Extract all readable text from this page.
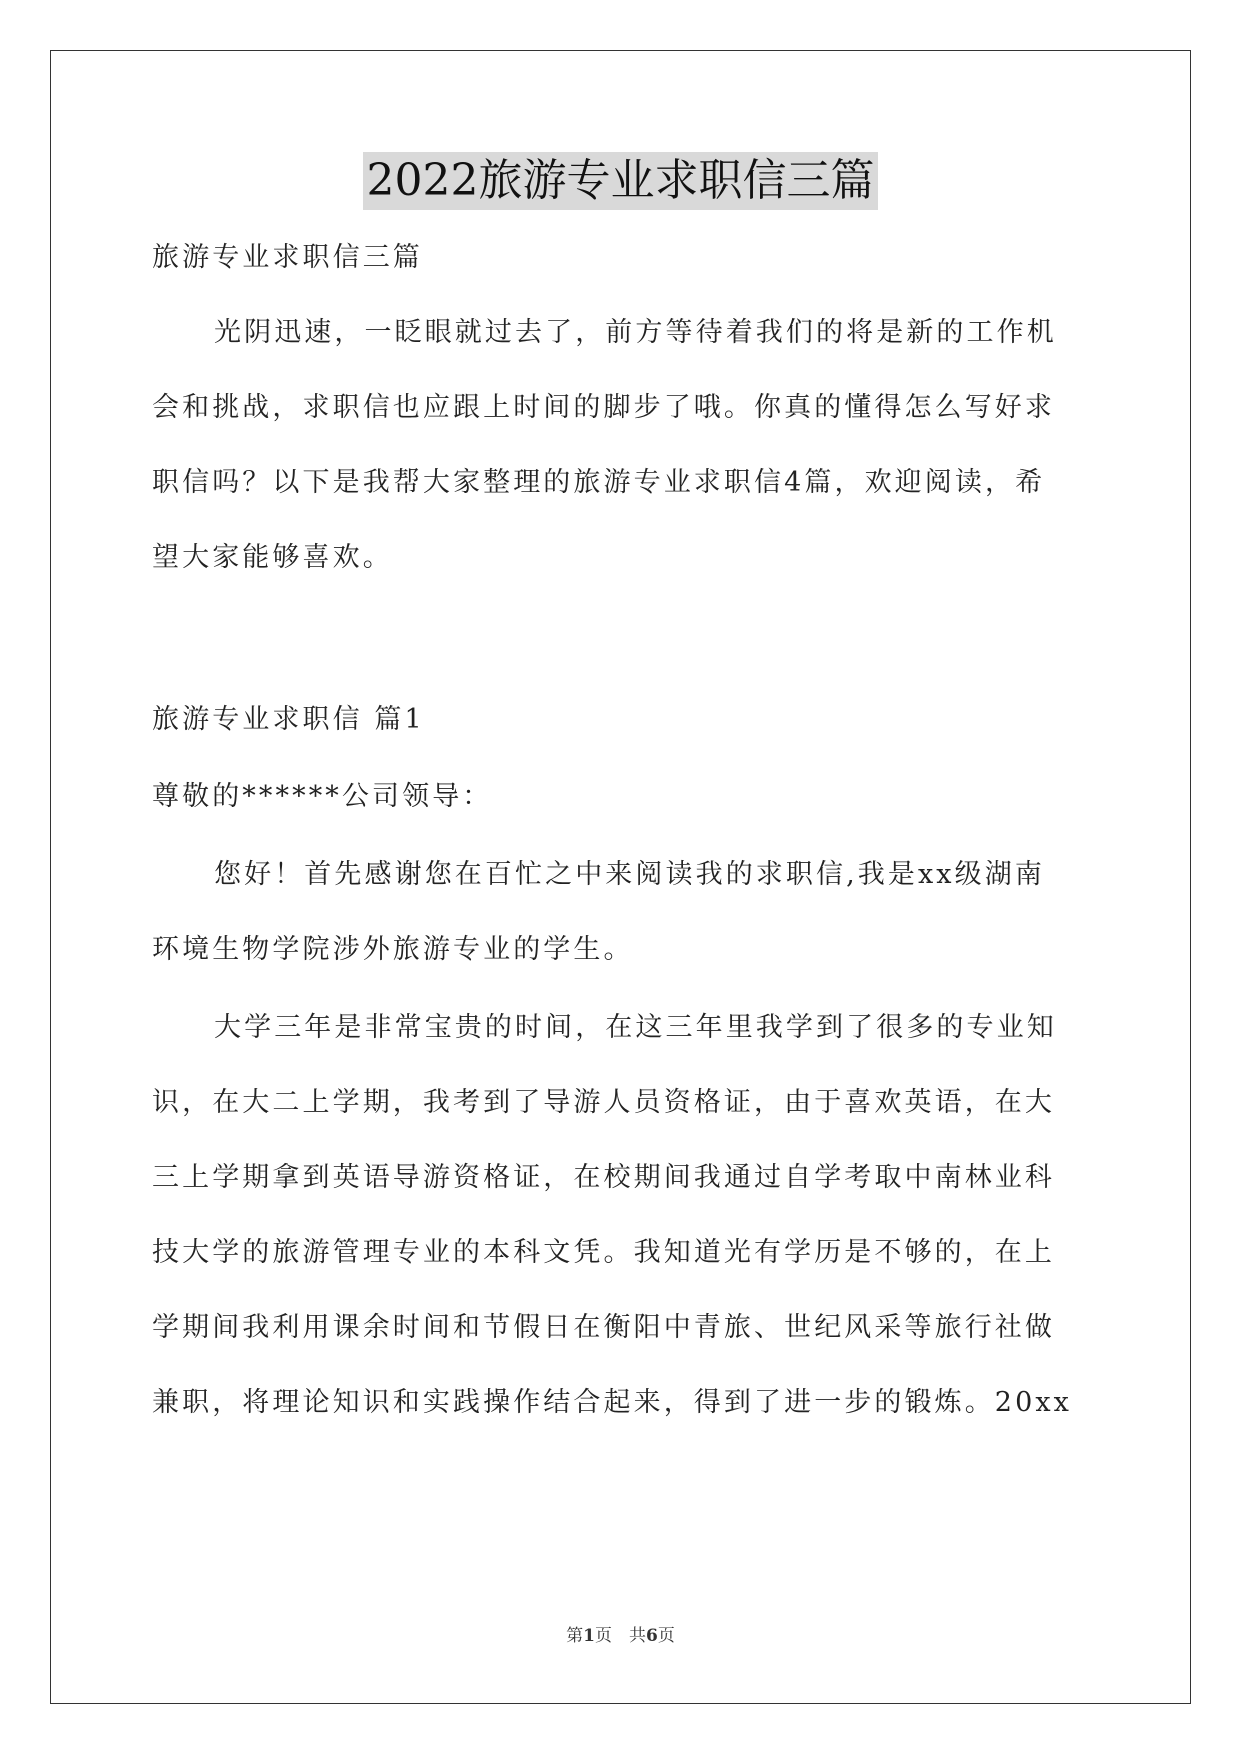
2022旅游专业求职信三篇
旅游专业求职信三篇
光阴迅速，一眨眼就过去了，前方等待着我们的将是新的工作机
会和挑战，求职信也应跟上时间的脚步了哦。你真的懂得怎么写好求
职信吗？以下是我帮大家整理的旅游专业求职信4篇，欢迎阅读，希
望大家能够喜欢。
旅游专业求职信 篇1
尊敬的******公司领导：
您好！首先感谢您在百忙之中来阅读我的求职信,我是xx级湖南
环境生物学院涉外旅游专业的学生。
大学三年是非常宝贵的时间，在这三年里我学到了很多的专业知
识，在大二上学期，我考到了导游人员资格证，由于喜欢英语，在大
三上学期拿到英语导游资格证，在校期间我通过自学考取中南林业科
技大学的旅游管理专业的本科文凭。我知道光有学历是不够的，在上
学期间我利用课余时间和节假日在衡阳中青旅、世纪风采等旅行社做
兼职，将理论知识和实践操作结合起来，得到了进一步的锻炼。20xx
第1页　共6页
